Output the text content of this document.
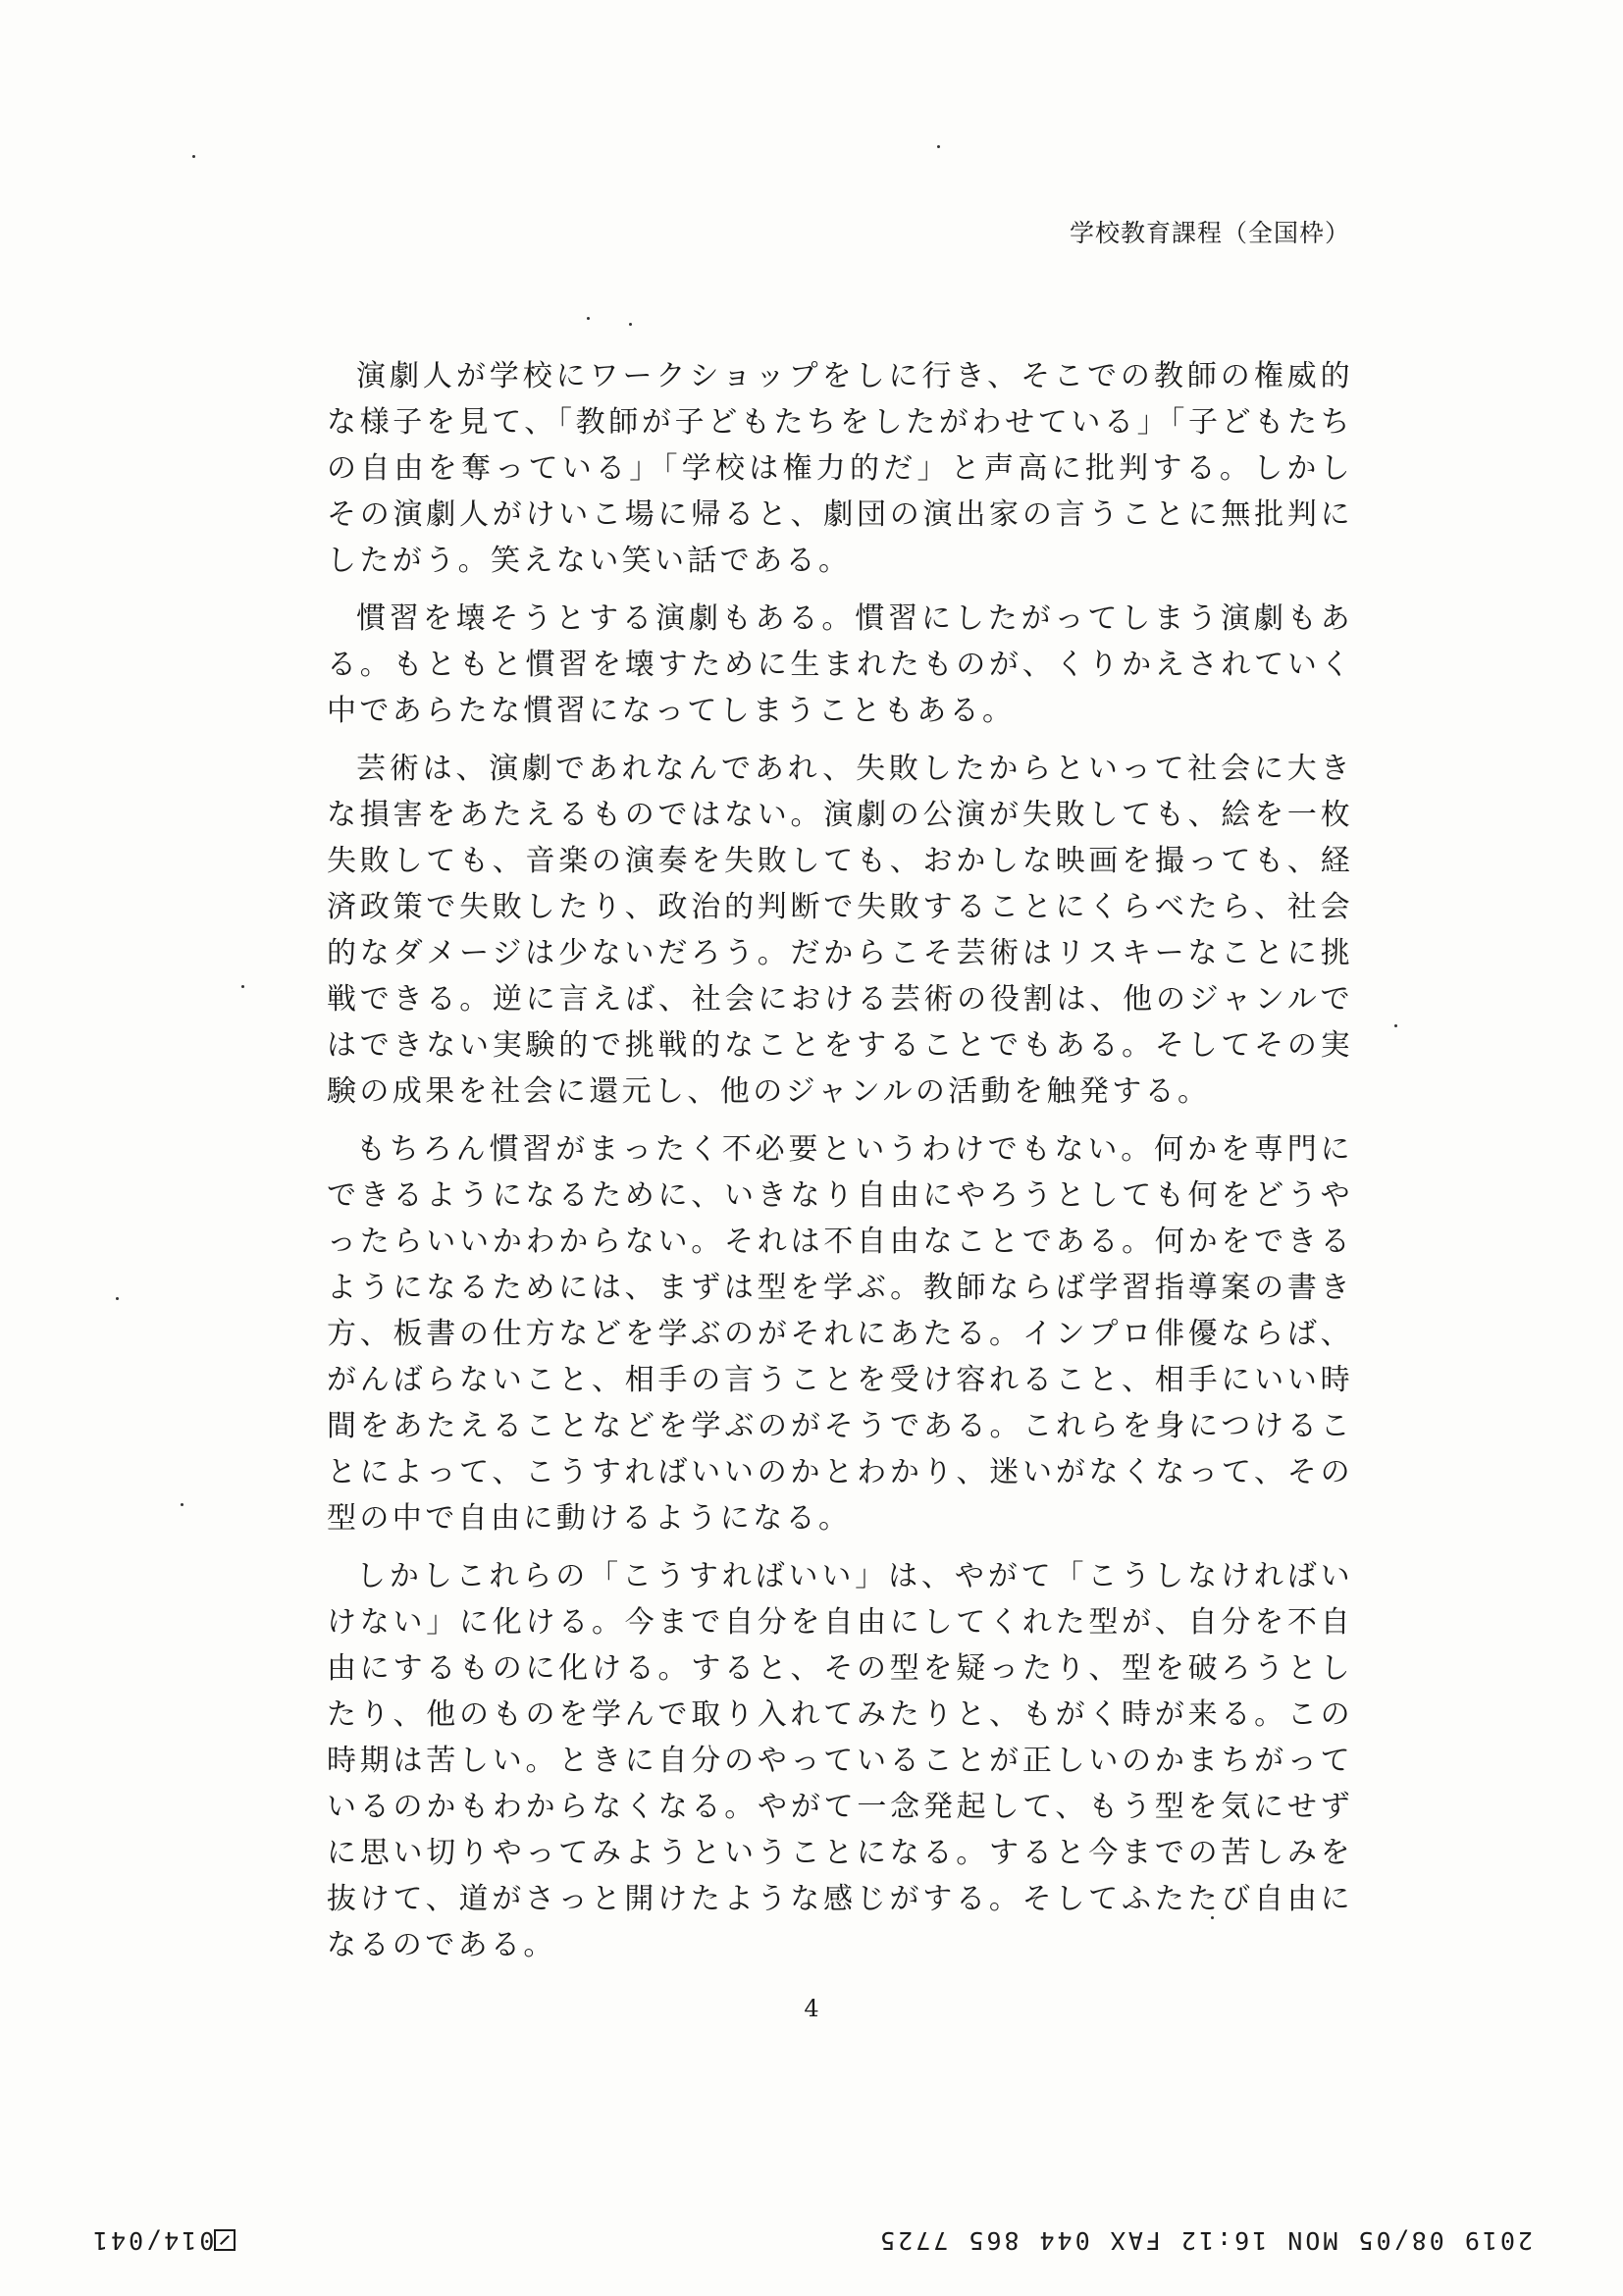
学校教育課程（全国枠）

演劇人が学校にワークショップをしに行き、そこでの教師の権威的な様子を見て、「教師が子どもたちをしたがわせている」「子どもたちの自由を奪っている」「学校は権力的だ」と声高に批判する。しかしその演劇人がけいこ場に帰ると、劇団の演出家の言うことに無批判にしたがう。笑えない笑い話である。

慣習を壊そうとする演劇もある。慣習にしたがってしまう演劇もある。もともと慣習を壊すために生まれたものが、くりかえされていく中であらたな慣習になってしまうこともある。

芸術は、演劇であれなんであれ、失敗したからといって社会に大きな損害をあたえるものではない。演劇の公演が失敗しても、絵を一枚失敗しても、音楽の演奏を失敗しても、おかしな映画を撮っても、経済政策で失敗したり、政治的判断で失敗することにくらべたら、社会的なダメージは少ないだろう。だからこそ芸術はリスキーなことに挑戦できる。逆に言えば、社会における芸術の役割は、他のジャンルではできない実験的で挑戦的なことをすることでもある。そしてその実験の成果を社会に還元し、他のジャンルの活動を触発する。

もちろん慣習がまったく不必要というわけでもない。何かを専門にできるようになるために、いきなり自由にやろうとしても何をどうやったらいいかわからない。それは不自由なことである。何かをできるようになるためには、まずは型を学ぶ。教師ならば学習指導案の書き方、板書の仕方などを学ぶのがそれにあたる。インプロ俳優ならば、がんばらないこと、相手の言うことを受け容れること、相手にいい時間をあたえることなどを学ぶのがそうである。これらを身につけることによって、こうすればいいのかとわかり、迷いがなくなって、その型の中で自由に動けるようになる。

しかしこれらの「こうすればいい」は、やがて「こうしなければいけない」に化ける。今まで自分を自由にしてくれた型が、自分を不自由にするものに化ける。すると、その型を疑ったり、型を破ろうとしたり、他のものを学んで取り入れてみたりと、もがく時が来る。この時期は苦しい。ときに自分のやっていることが正しいのかまちがっているのかもわからなくなる。やがて一念発起して、もう型を気にせずに思い切りやってみようということになる。すると今までの苦しみを抜けて、道がさっと開けたような感じがする。そしてふたたび自由になるのである。

4
2019 08/05 MON 16:12 FAX 044 865 7725
014/041
